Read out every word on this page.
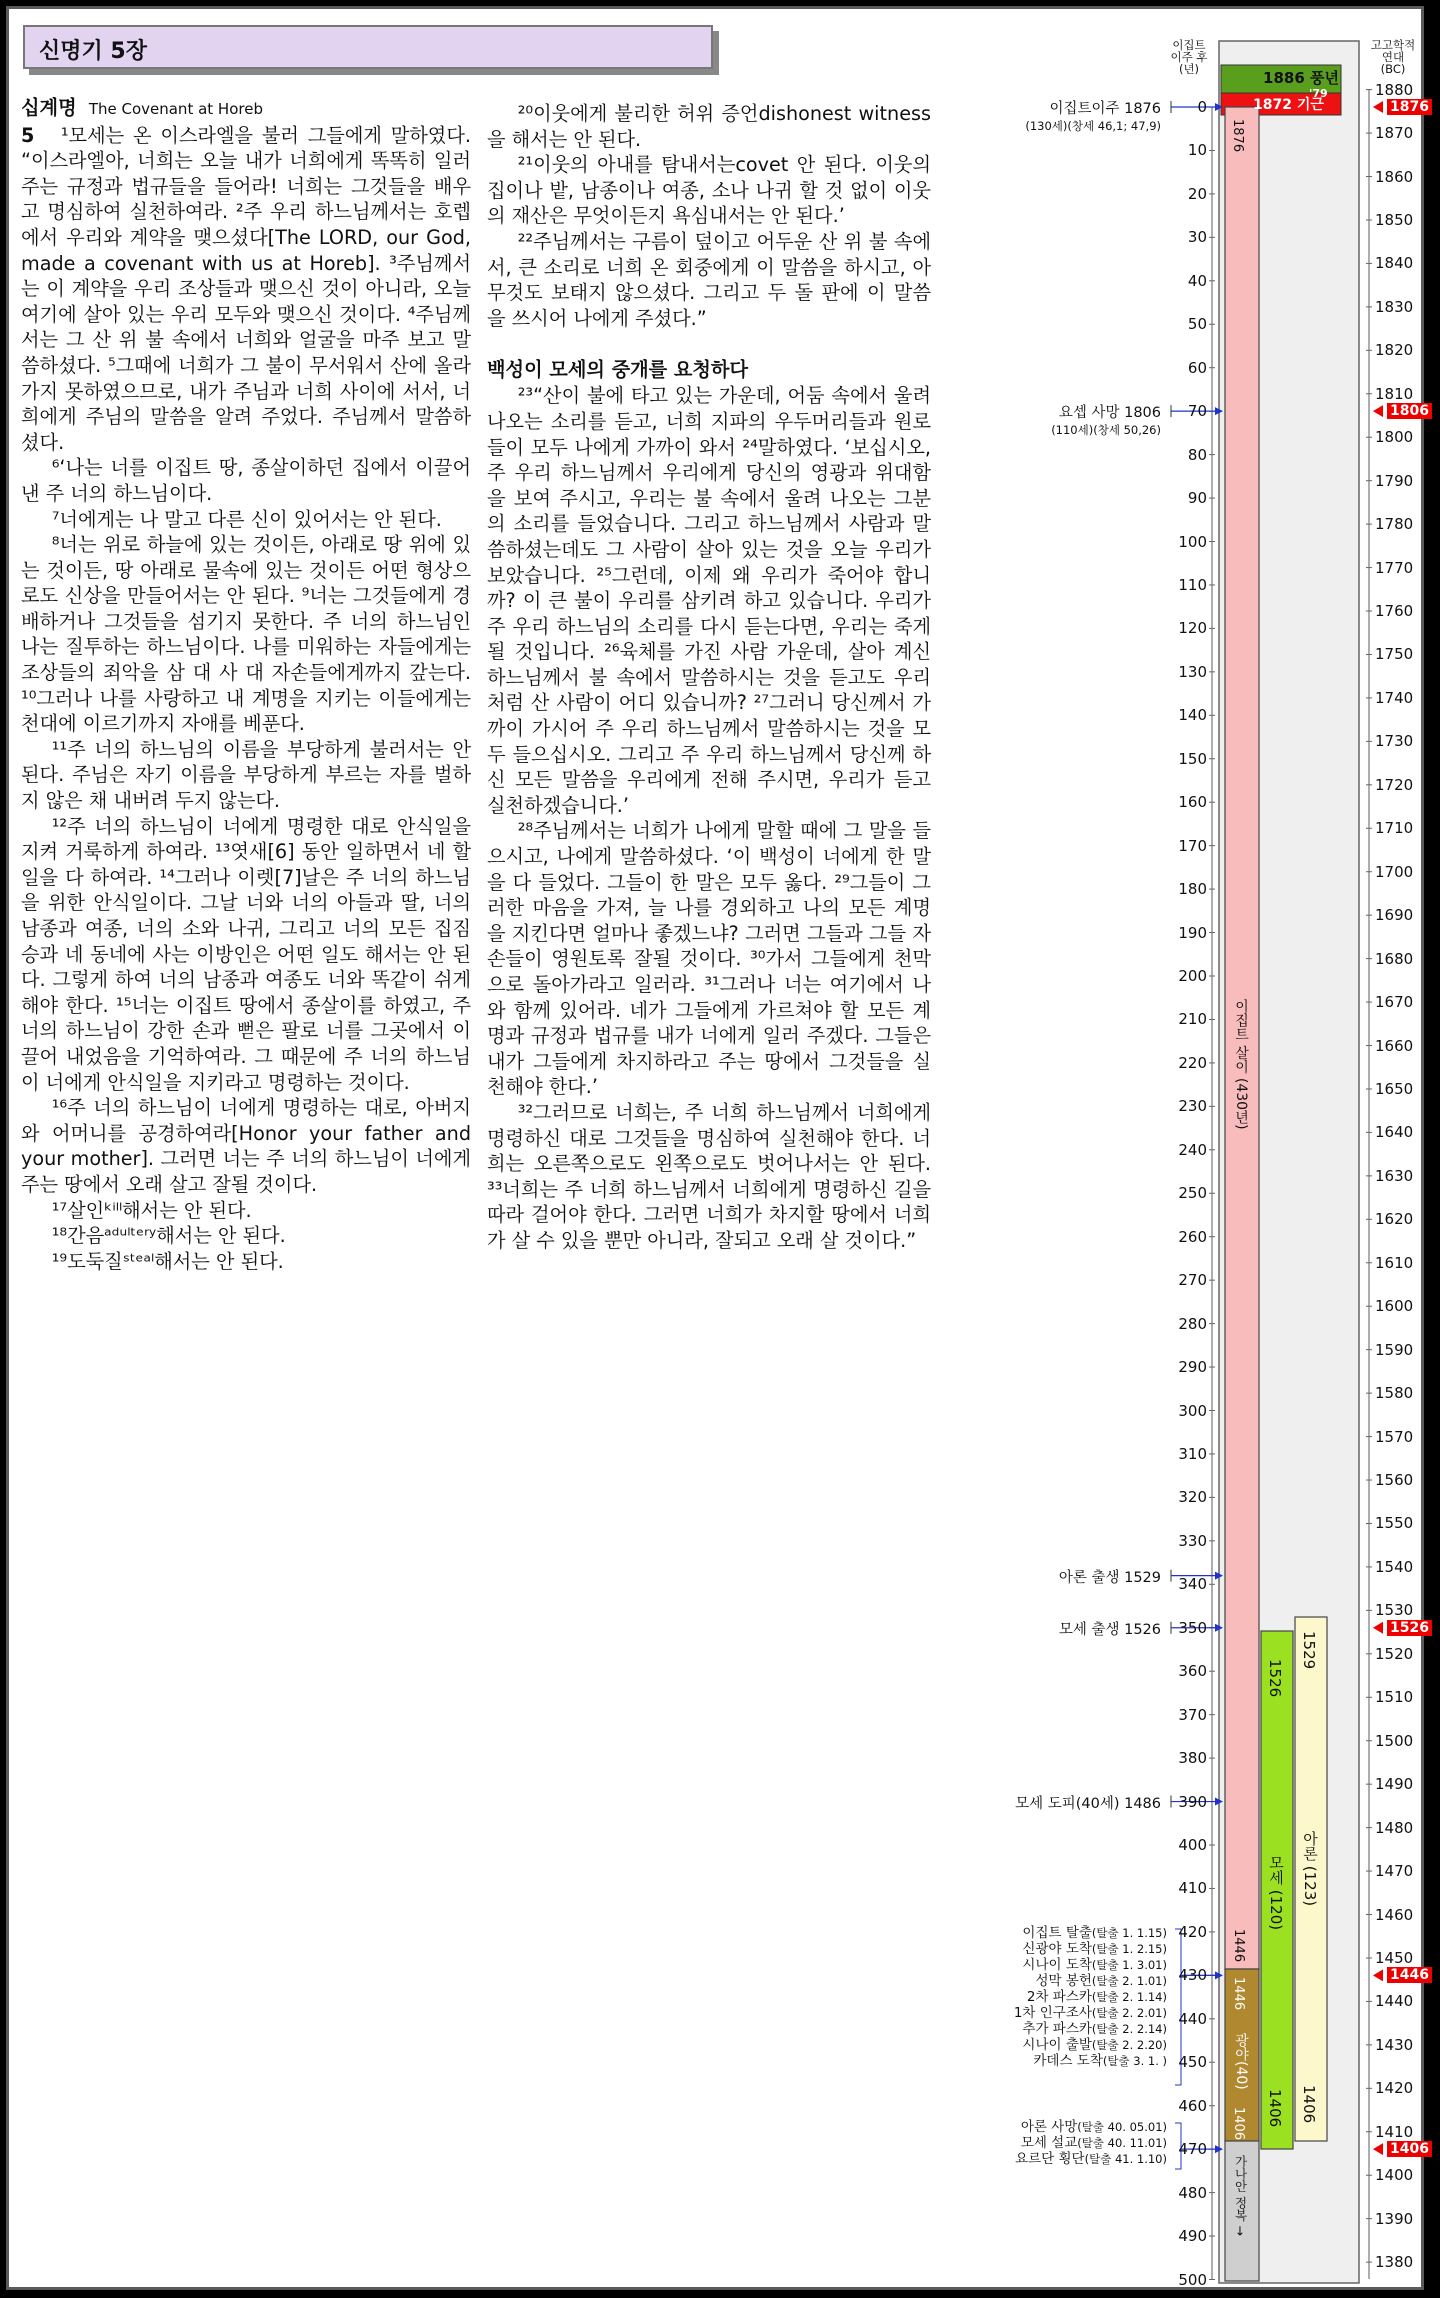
신명기 5장

십계명 The Covenant at Horeb

5 ¹모세는 온 이스라엘을 불러 그들에게 말하였다. “이스라엘아, 너희는 오늘 내가 너희에게 똑똑히 일러 주는 규정과 법규들을 들어라! 너희는 그것들을 배우고 명심하여 실천하여라. ²주 우리 하느님께서는 호렙에서 우리와 계약을 맺으셨다[The LORD, our God, made a covenant with us at Horeb]. ³주님께서는 이 계약을 우리 조상들과 맺으신 것이 아니라, 오늘 여기에 살아 있는 우리 모두와 맺으신 것이다. ⁴주님께서는 그 산 위 불 속에서 너희와 얼굴을 마주 보고 말씀하셨다. ⁵그때에 너희가 그 불이 무서워서 산에 올라가지 못하였으므로, 내가 주님과 너희 사이에 서서, 너희에게 주님의 말씀을 알려 주었다. 주님께서 말씀하셨다.

⁶‘나는 너를 이집트 땅, 종살이하던 집에서 이끌어 낸 주 너의 하느님이다.

⁷너에게는 나 말고 다른 신이 있어서는 안 된다.

⁸너는 위로 하늘에 있는 것이든, 아래로 땅 위에 있는 것이든, 땅 아래로 물속에 있는 것이든 어떤 형상으로도 신상을 만들어서는 안 된다. ⁹너는 그것들에게 경배하거나 그것들을 섬기지 못한다. 주 너의 하느님인 나는 질투하는 하느님이다. 나를 미워하는 자들에게는 조상들의 죄악을 삼 대 사 대 자손들에게까지 갚는다. ¹⁰그러나 나를 사랑하고 내 계명을 지키는 이들에게는 천대에 이르기까지 자애를 베푼다.

¹¹주 너의 하느님의 이름을 부당하게 불러서는 안 된다. 주님은 자기 이름을 부당하게 부르는 자를 벌하지 않은 채 내버려 두지 않는다.

¹²주 너의 하느님이 너에게 명령한 대로 안식일을 지켜 거룩하게 하여라. ¹³엿새[6] 동안 일하면서 네 할 일을 다 하여라. ¹⁴그러나 이렛[7]날은 주 너의 하느님을 위한 안식일이다. 그날 너와 너의 아들과 딸, 너의 남종과 여종, 너의 소와 나귀, 그리고 너의 모든 집짐승과 네 동네에 사는 이방인은 어떤 일도 해서는 안 된다. 그렇게 하여 너의 남종과 여종도 너와 똑같이 쉬게 해야 한다. ¹⁵너는 이집트 땅에서 종살이를 하였고, 주 너의 하느님이 강한 손과 뻗은 팔로 너를 그곳에서 이끌어 내었음을 기억하여라. 그 때문에 주 너의 하느님이 너에게 안식일을 지키라고 명령하는 것이다.

¹⁶주 너의 하느님이 너에게 명령하는 대로, 아버지와 어머니를 공경하여라[Honor your father and your mother]. 그러면 너는 주 너의 하느님이 너에게 주는 땅에서 오래 살고 잘될 것이다.

¹⁷살인ᵏⁱˡˡ해서는 안 된다.

¹⁸간음ᵃᵈᵘˡᵗᵉʳʸ해서는 안 된다.

¹⁹도둑질ˢᵗᵉᵃˡ해서는 안 된다.

²⁰이웃에게 불리한 허위 증언dishonest witness을 해서는 안 된다.

²¹이웃의 아내를 탐내서는covet 안 된다. 이웃의 집이나 밭, 남종이나 여종, 소나 나귀 할 것 없이 이웃의 재산은 무엇이든지 욕심내서는 안 된다.’

²²주님께서는 구름이 덮이고 어두운 산 위 불 속에서, 큰 소리로 너희 온 회중에게 이 말씀을 하시고, 아무것도 보태지 않으셨다. 그리고 두 돌 판에 이 말씀을 쓰시어 나에게 주셨다.”

백성이 모세의 중개를 요청하다

²³“산이 불에 타고 있는 가운데, 어둠 속에서 울려 나오는 소리를 듣고, 너희 지파의 우두머리들과 원로들이 모두 나에게 가까이 와서 ²⁴말하였다. ‘보십시오, 주 우리 하느님께서 우리에게 당신의 영광과 위대함을 보여 주시고, 우리는 불 속에서 울려 나오는 그분의 소리를 들었습니다. 그리고 하느님께서 사람과 말씀하셨는데도 그 사람이 살아 있는 것을 오늘 우리가 보았습니다. ²⁵그런데, 이제 왜 우리가 죽어야 합니까? 이 큰 불이 우리를 삼키려 하고 있습니다. 우리가 주 우리 하느님의 소리를 다시 듣는다면, 우리는 죽게 될 것입니다. ²⁶육체를 가진 사람 가운데, 살아 계신 하느님께서 불 속에서 말씀하시는 것을 듣고도 우리처럼 산 사람이 어디 있습니까? ²⁷그러니 당신께서 가까이 가시어 주 우리 하느님께서 말씀하시는 것을 모두 들으십시오. 그리고 주 우리 하느님께서 당신께 하신 모든 말씀을 우리에게 전해 주시면, 우리가 듣고 실천하겠습니다.’

²⁸주님께서는 너희가 나에게 말할 때에 그 말을 들으시고, 나에게 말씀하셨다. ‘이 백성이 너에게 한 말을 다 들었다. 그들이 한 말은 모두 옳다. ²⁹그들이 그러한 마음을 가져, 늘 나를 경외하고 나의 모든 계명을 지킨다면 얼마나 좋겠느냐? 그러면 그들과 그들 자손들이 영원토록 잘될 것이다. ³⁰가서 그들에게 천막으로 돌아가라고 일러라. ³¹그러나 너는 여기에서 나와 함께 있어라. 네가 그들에게 가르쳐야 할 모든 계명과 규정과 법규를 내가 너에게 일러 주겠다. 그들은 내가 그들에게 차지하라고 주는 땅에서 그것들을 실천해야 한다.’

³²그러므로 너희는, 주 너희 하느님께서 너희에게 명령하신 대로 그것들을 명심하여 실천해야 한다. 너희는 오른쪽으로도 왼쪽으로도 벗어나서는 안 된다. ³³너희는 주 너희 하느님께서 너희에게 명령하신 길을 따라 걸어야 한다. 그러면 너희가 차지할 땅에서 너희가 살 수 있을 뿐만 아니라, 잘되고 오래 살 것이다.”

이집트
이주 후
(년)
고고학적
연대
(BC)
1886 풍년
'79
1872 기근
1876
이집트 살이 (430년)
1446
1446
광야(40)
1406
가나안 정복 →
1526
모세 (120)
1406
1529
아론 (123)
1406
0
10
20
30
40
50
60
70
80
90
100
110
120
130
140
150
160
170
180
190
200
210
220
230
240
250
260
270
280
290
300
310
320
330
340
350
360
370
380
390
400
410
420
430
440
450
460
470
480
490
500
1880
1870
1860
1850
1840
1830
1820
1810
1800
1790
1780
1770
1760
1750
1740
1730
1720
1710
1700
1690
1680
1670
1660
1650
1640
1630
1620
1610
1600
1590
1580
1570
1560
1550
1540
1530
1520
1510
1500
1490
1480
1470
1460
1450
1440
1430
1420
1410
1400
1390
1380
1876
1806
1526
1446
1406
이집트이주 1876
(130세)(창세 46,1; 47,9)
요셉 사망 1806
(110세)(창세 50,26)
아론 출생 1529
모세 출생 1526
모세 도피(40세) 1486
이집트 탈출(탈출 1. 1.15)
신광야 도착(탈출 1. 2.15)
시나이 도착(탈출 1. 3.01)
성막 봉헌(탈출 2. 1.01)
2차 파스카(탈출 2. 1.14)
1차 인구조사(탈출 2. 2.01)
추가 파스카(탈출 2. 2.14)
시나이 출발(탈출 2. 2.20)
카데스 도착(탈출 3. 1. )
아론 사망(탈출 40. 05.01)
모세 설교(탈출 40. 11.01)
요르단 횡단(탈출 41. 1.10)
